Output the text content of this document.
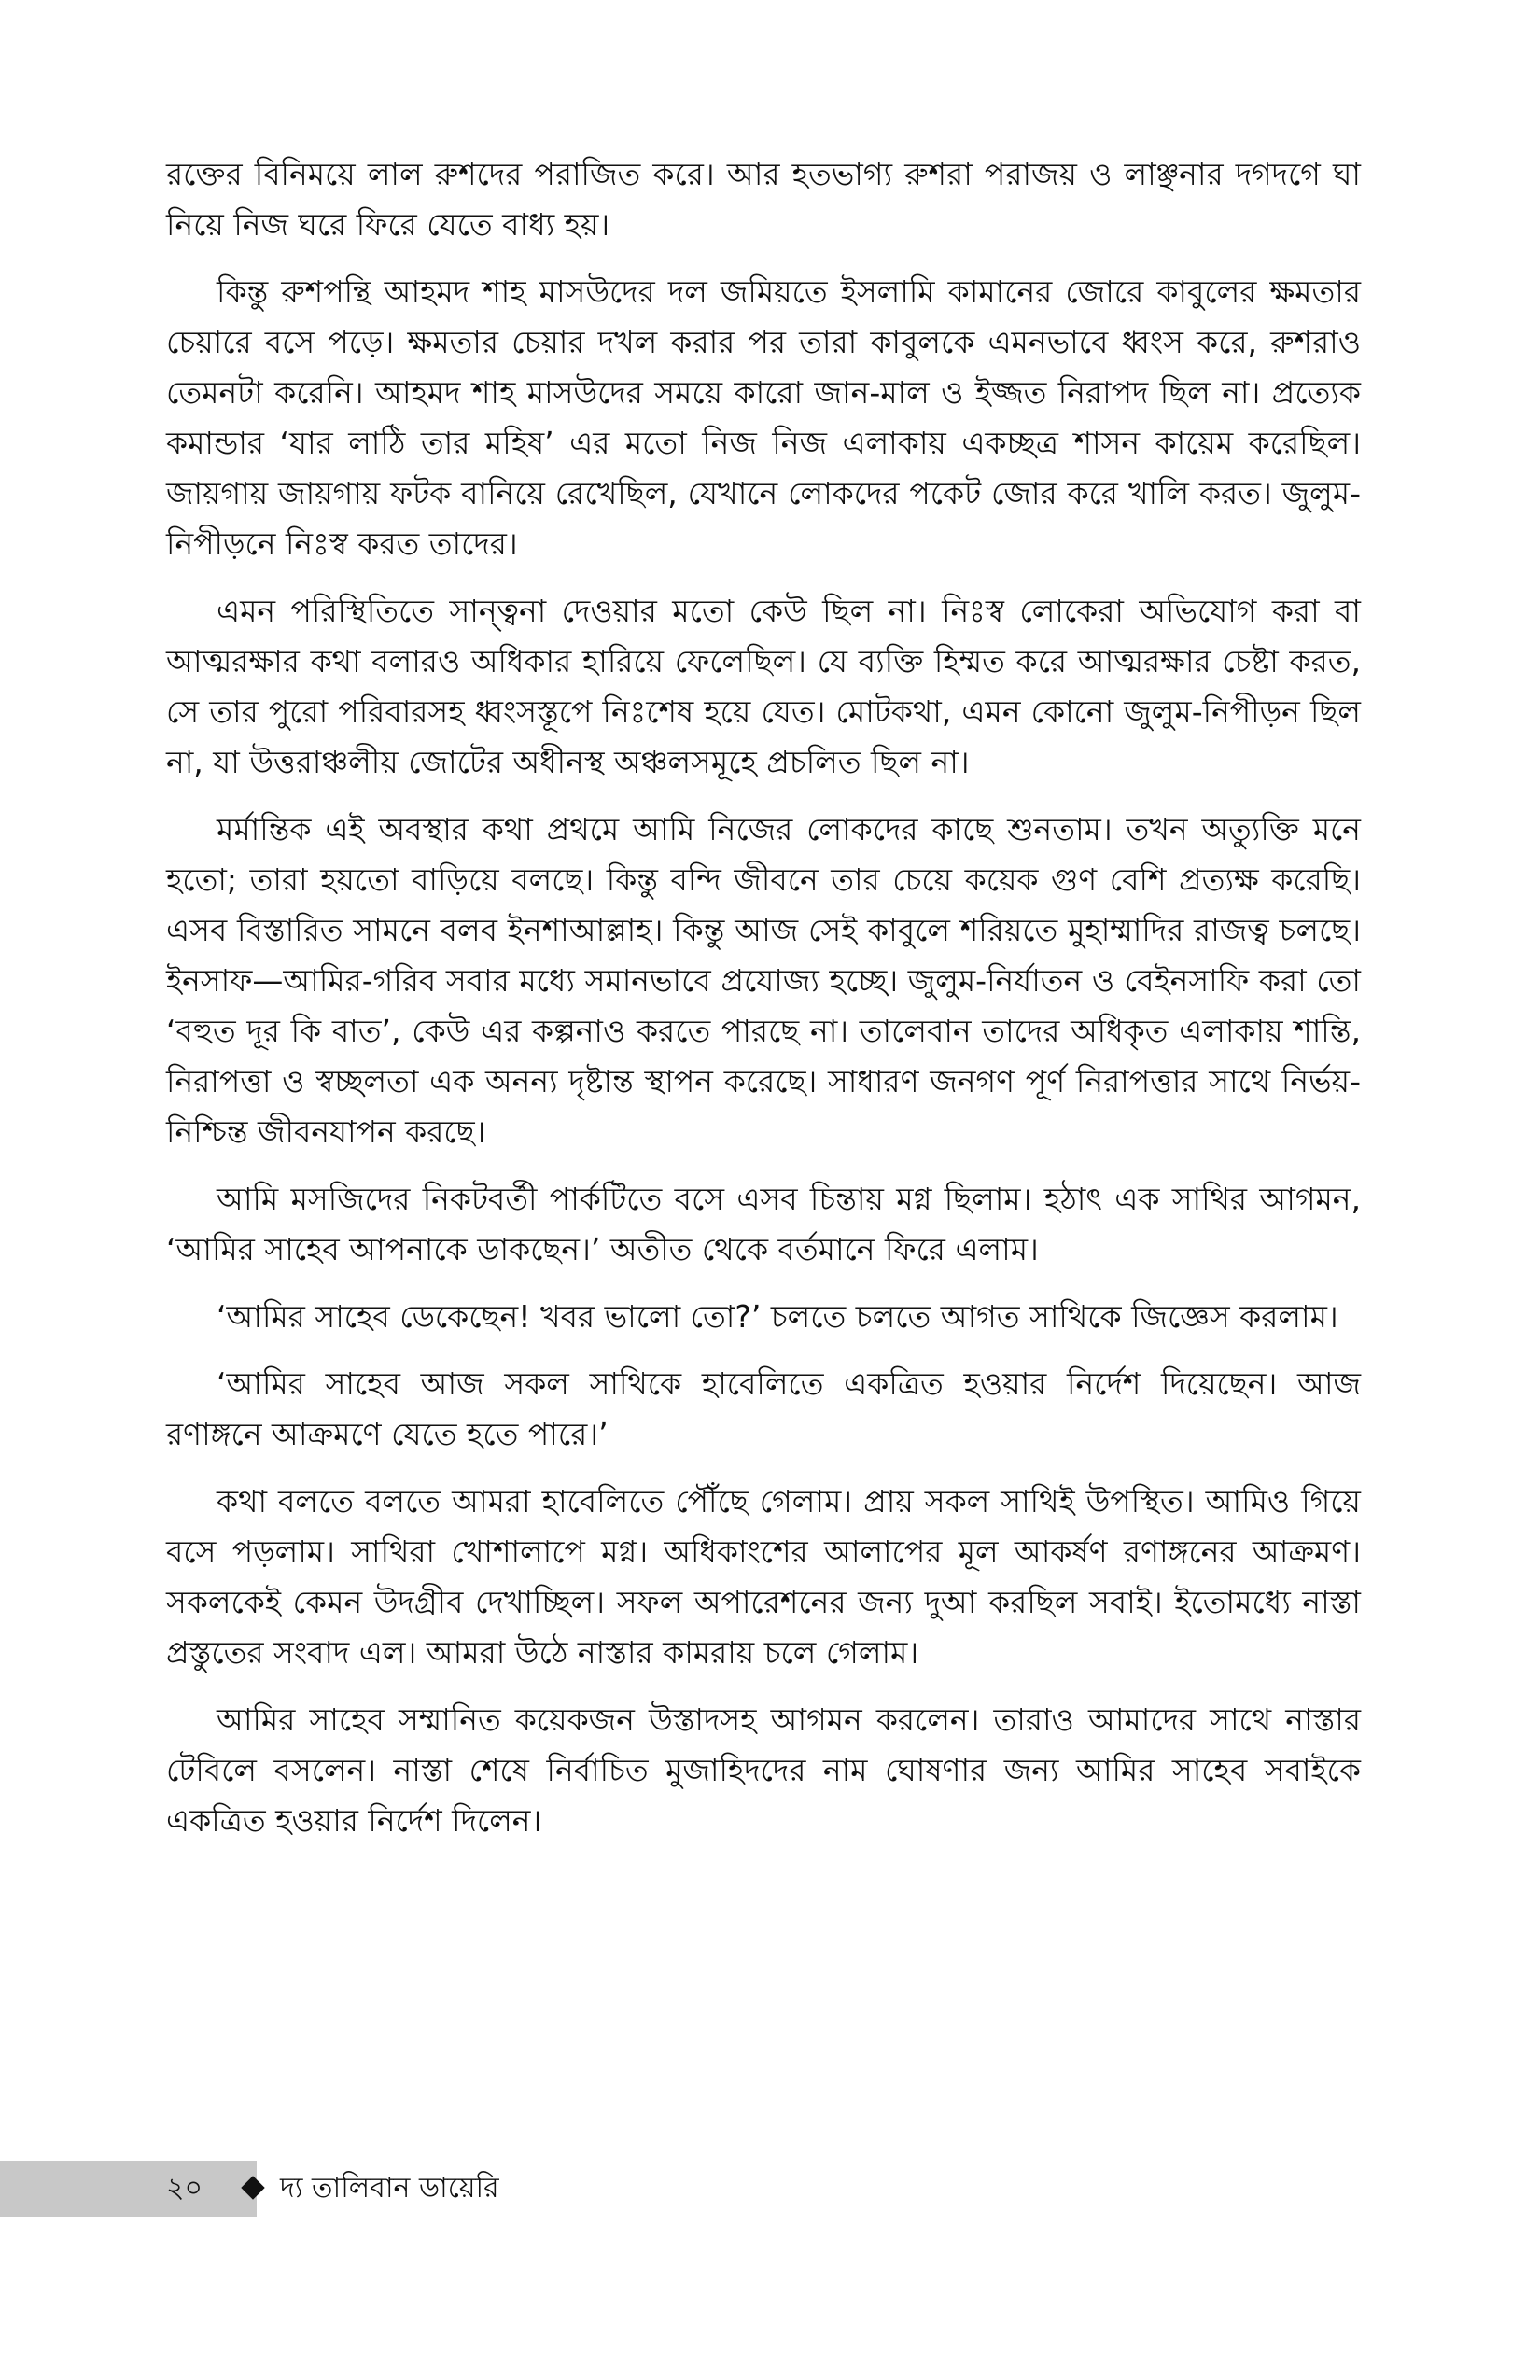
রক্তের বিনিময়ে লাল রুশদের পরাজিত করে। আর হতভাগ্য রুশরা পরাজয় ও লাঞ্ছনার দগদগে ঘা নিয়ে নিজ ঘরে ফিরে যেতে বাধ্য হয়।

কিন্তু রুশপন্থি আহমদ শাহ মাসউদের দল জমিয়তে ইসলামি কামানের জোরে কাবুলের ক্ষমতার চেয়ারে বসে পড়ে। ক্ষমতার চেয়ার দখল করার পর তারা কাবুলকে এমনভাবে ধ্বংস করে, রুশরাও তেমনটা করেনি। আহমদ শাহ মাসউদের সময়ে কারো জান-মাল ও ইজ্জত নিরাপদ ছিল না। প্রত্যেক কমান্ডার ‘যার লাঠি তার মহিষ’ এর মতো নিজ নিজ এলাকায় একচ্ছত্র শাসন কায়েম করেছিল। জায়গায় জায়গায় ফটক বানিয়ে রেখেছিল, যেখানে লোকদের পকেট জোর করে খালি করত। জুলুম-নিপীড়নে নিঃস্ব করত তাদের।

এমন পরিস্থিতিতে সান্ত্বনা দেওয়ার মতো কেউ ছিল না। নিঃস্ব লোকেরা অভিযোগ করা বা আত্মরক্ষার কথা বলারও অধিকার হারিয়ে ফেলেছিল। যে ব্যক্তি হিম্মত করে আত্মরক্ষার চেষ্টা করত, সে তার পুরো পরিবারসহ ধ্বংসস্তূপে নিঃশেষ হয়ে যেত। মোটকথা, এমন কোনো জুলুম-নিপীড়ন ছিল না, যা উত্তরাঞ্চলীয় জোটের অধীনস্থ অঞ্চলসমূহে প্রচলিত ছিল না।

মর্মান্তিক এই অবস্থার কথা প্রথমে আমি নিজের লোকদের কাছে শুনতাম। তখন অত্যুক্তি মনে হতো; তারা হয়তো বাড়িয়ে বলছে। কিন্তু বন্দি জীবনে তার চেয়ে কয়েক গুণ বেশি প্রত্যক্ষ করেছি। এসব বিস্তারিত সামনে বলব ইনশাআল্লাহ। কিন্তু আজ সেই কাবুলে শরিয়তে মুহাম্মাদির রাজত্ব চলছে। ইনসাফ—আমির-গরিব সবার মধ্যে সমানভাবে প্রযোজ্য হচ্ছে। জুলুম-নির্যাতন ও বেইনসাফি করা তো ‘বহুত দূর কি বাত’, কেউ এর কল্পনাও করতে পারছে না। তালেবান তাদের অধিকৃত এলাকায় শান্তি, নিরাপত্তা ও স্বচ্ছলতা এক অনন্য দৃষ্টান্ত স্থাপন করেছে। সাধারণ জনগণ পূর্ণ নিরাপত্তার সাথে নির্ভয়-নিশ্চিন্ত জীবনযাপন করছে।

আমি মসজিদের নিকটবর্তী পার্কটিতে বসে এসব চিন্তায় মগ্ন ছিলাম। হঠাৎ এক সাথির আগমন, ‘আমির সাহেব আপনাকে ডাকছেন।’ অতীত থেকে বর্তমানে ফিরে এলাম।

‘আমির সাহেব ডেকেছেন! খবর ভালো তো?’ চলতে চলতে আগত সাথিকে জিজ্ঞেস করলাম।

‘আমির সাহেব আজ সকল সাথিকে হাবেলিতে একত্রিত হওয়ার নির্দেশ দিয়েছেন। আজ রণাঙ্গনে আক্রমণে যেতে হতে পারে।’

কথা বলতে বলতে আমরা হাবেলিতে পৌঁছে গেলাম। প্রায় সকল সাথিই উপস্থিত। আমিও গিয়ে বসে পড়লাম। সাথিরা খোশালাপে মগ্ন। অধিকাংশের আলাপের মূল আকর্ষণ রণাঙ্গনের আক্রমণ। সকলকেই কেমন উদগ্রীব দেখাচ্ছিল। সফল অপারেশনের জন্য দুআ করছিল সবাই। ইতোমধ্যে নাস্তা প্রস্তুতের সংবাদ এল। আমরা উঠে নাস্তার কামরায় চলে গেলাম।

আমির সাহেব সম্মানিত কয়েকজন উস্তাদসহ আগমন করলেন। তারাও আমাদের সাথে নাস্তার টেবিলে বসলেন। নাস্তা শেষে নির্বাচিত মুজাহিদদের নাম ঘোষণার জন্য আমির সাহেব সবাইকে একত্রিত হওয়ার নির্দেশ দিলেন।

২০	দ্য তালিবান ডায়েরি
